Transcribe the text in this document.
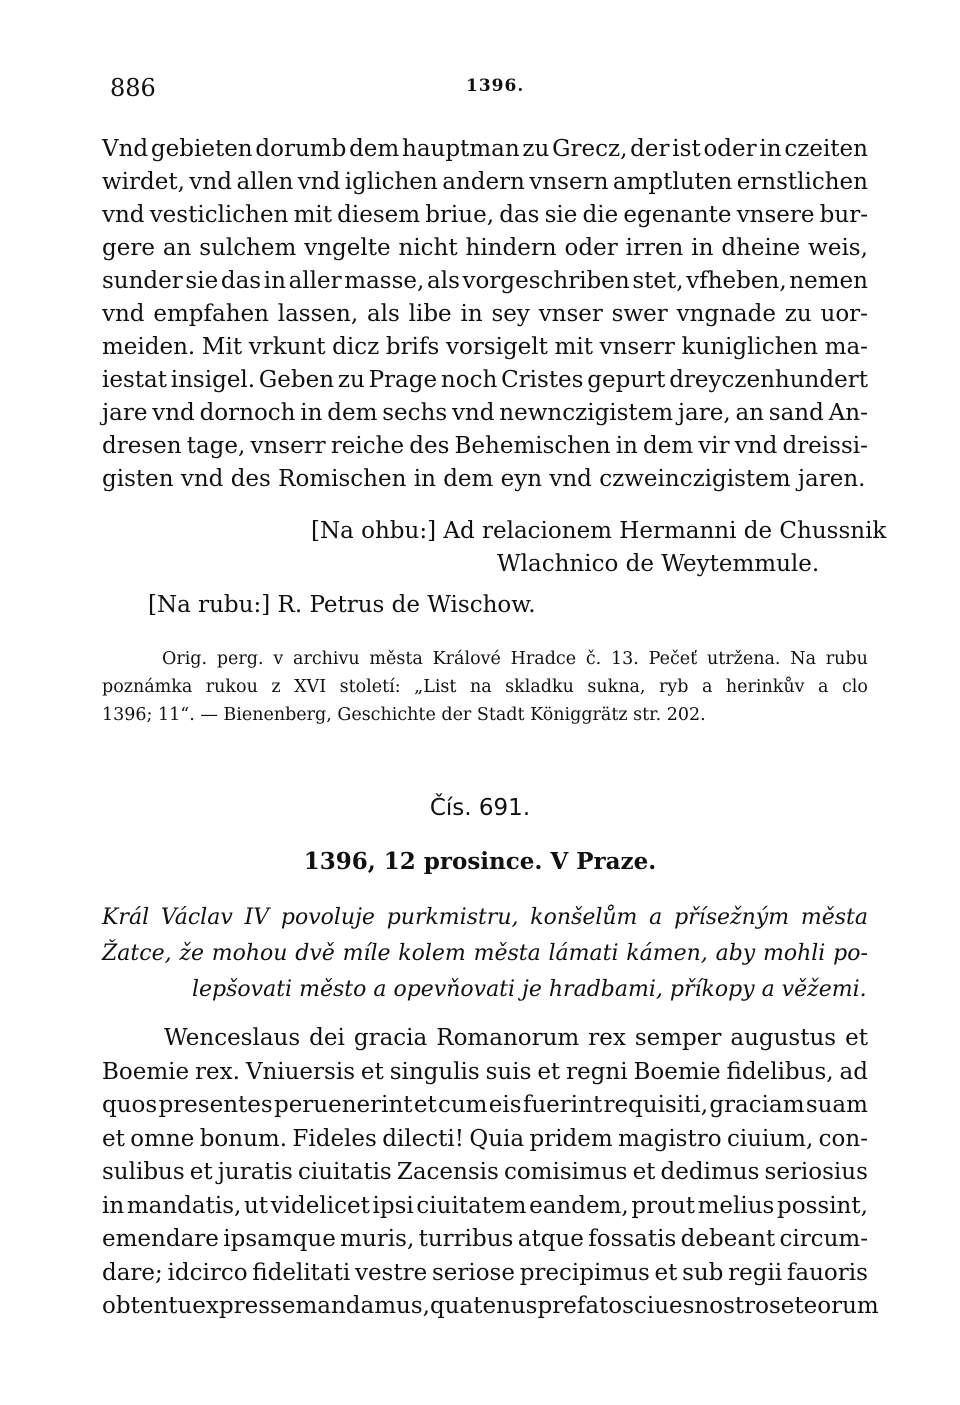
886	1396.
Vnd gebieten dorumb dem hauptman zu Grecz, der ist oder in czeiten
wirdet, vnd allen vnd iglichen andern vnsern amptluten ernstlichen
vnd vesticlichen mit diesem briue, das sie die egenante vnsere bur-
gere an sulchem vngelte nicht hindern oder irren in dheine weis,
sunder sie das in aller masse, als vorgeschriben stet, vfheben, nemen
vnd empfahen lassen, als libe in sey vnser swer vngnade zu uor-
meiden. Mit vrkunt dicz brifs vorsigelt mit vnserr kuniglichen ma-
iestat insigel. Geben zu Prage noch Cristes gepurt dreyczenhundert
jare vnd dornoch in dem sechs vnd newnczigistem jare, an sand An-
dresen tage, vnserr reiche des Behemischen in dem vir vnd dreissi-
gisten vnd des Romischen in dem eyn vnd czweinczigistem jaren.
[Na ohbu:] Ad relacionem Hermanni de Chussnik
Wlachnico de Weytemmule.
[Na rubu:] R. Petrus de Wischow.
Orig. perg. v archivu města Králové Hradce č. 13. Pečeť utržena. Na rubu
poznámka rukou z XVI století: „List na skladku sukna, ryb a herinkův a clo
1396; 11“. — Bienenberg, Geschichte der Stadt Königgrätz str. 202.
Čís. 691.
1396, 12 prosince. V Praze.
Král Václav IV povoluje purkmistru, konšelům a přísežným města
Žatce, že mohou dvě míle kolem města lámati kámen, aby mohli po-
lepšovati město a opevňovati je hradbami, příkopy a věžemi.
Wenceslaus dei gracia Romanorum rex semper augustus et
Boemie rex. Vniuersis et singulis suis et regni Boemie fidelibus, ad
quos presentes peruenerint et cum eis fuerint requisiti, graciam suam
et omne bonum. Fideles dilecti! Quia pridem magistro ciuium, con-
sulibus et juratis ciuitatis Zacensis comisimus et dedimus seriosius
in mandatis, ut videlicet ipsi ciuitatem eandem, prout melius possint,
emendare ipsamque muris, turribus atque fossatis debeant circum-
dare; idcirco fidelitati vestre seriose precipimus et sub regii fauoris
obtentu expresse mandamus, quatenus prefatos ciues nostros et eorum
